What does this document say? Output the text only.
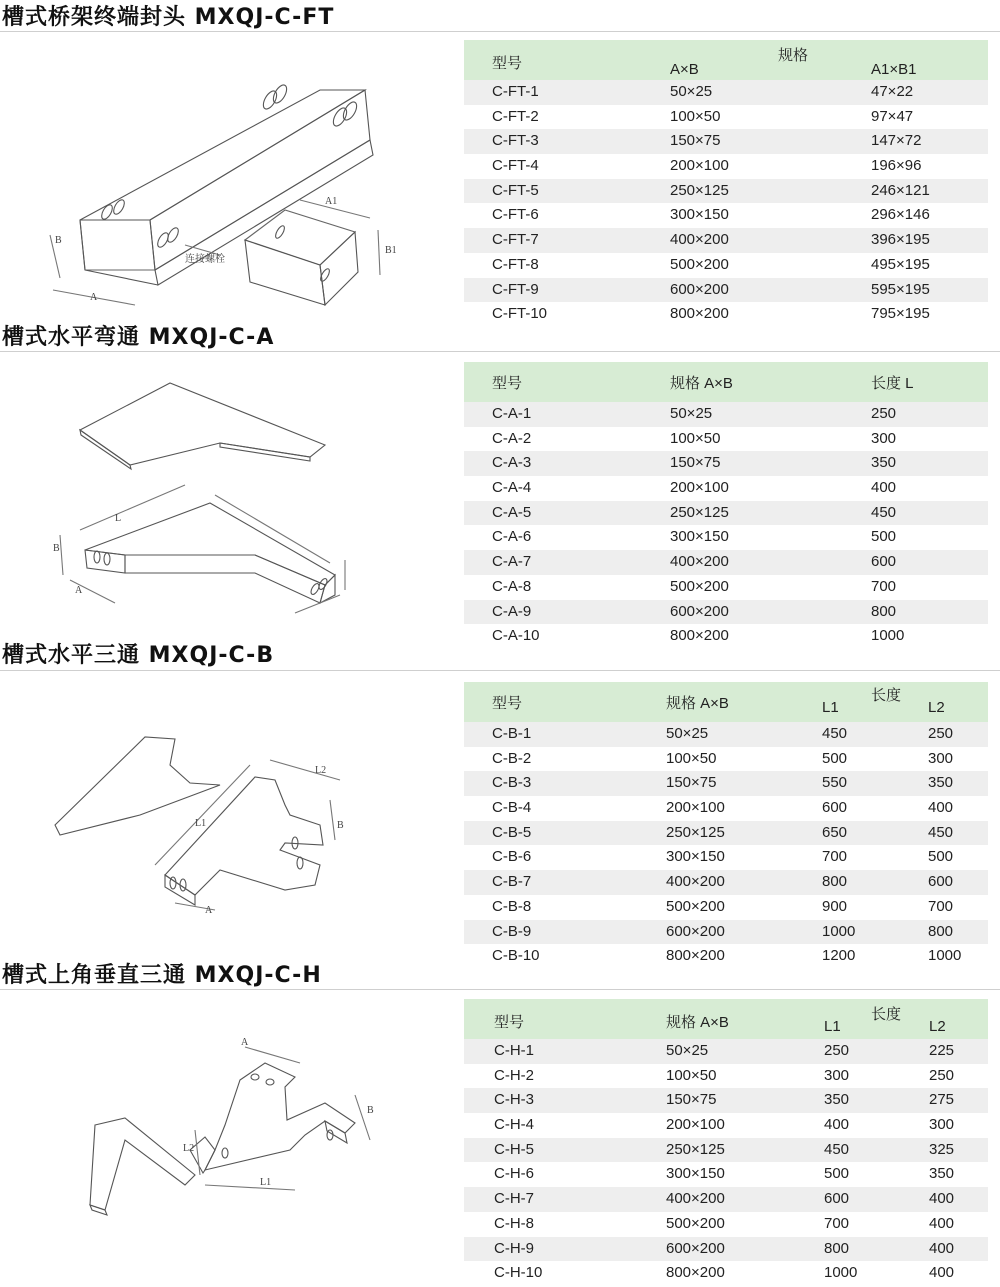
槽式桥架终端封头 MXQJ-C-FT
B
A
A1
B1
连接螺栓
型号	规格
A×B	A1×B1
C-FT-1	50×25	47×22
C-FT-2	100×50	97×47
C-FT-3	150×75	147×72
C-FT-4	200×100	196×96
C-FT-5	250×125	246×121
C-FT-6	300×150	296×146
C-FT-7	400×200	396×195
C-FT-8	500×200	495×195
C-FT-9	600×200	595×195
C-FT-10	800×200	795×195
槽式水平弯通 MXQJ-C-A
L
B
A
型号	规格 A×B	长度 L
C-A-1	50×25	250
C-A-2	100×50	300
C-A-3	150×75	350
C-A-4	200×100	400
C-A-5	250×125	450
C-A-6	300×150	500
C-A-7	400×200	600
C-A-8	500×200	700
C-A-9	600×200	800
C-A-10	800×200	1000
槽式水平三通 MXQJ-C-B
L1
L2
A
B
型号	规格 A×B	长度
L1	L2
C-B-1	50×25	450	250
C-B-2	100×50	500	300
C-B-3	150×75	550	350
C-B-4	200×100	600	400
C-B-5	250×125	650	450
C-B-6	300×150	700	500
C-B-7	400×200	800	600
C-B-8	500×200	900	700
C-B-9	600×200	1000	800
C-B-10	800×200	1200	1000
槽式上角垂直三通 MXQJ-C-H
L2
L1
A
B
型号	规格 A×B	长度
L1	L2
C-H-1	50×25	250	225
C-H-2	100×50	300	250
C-H-3	150×75	350	275
C-H-4	200×100	400	300
C-H-5	250×125	450	325
C-H-6	300×150	500	350
C-H-7	400×200	600	400
C-H-8	500×200	700	400
C-H-9	600×200	800	400
C-H-10	800×200	1000	400
